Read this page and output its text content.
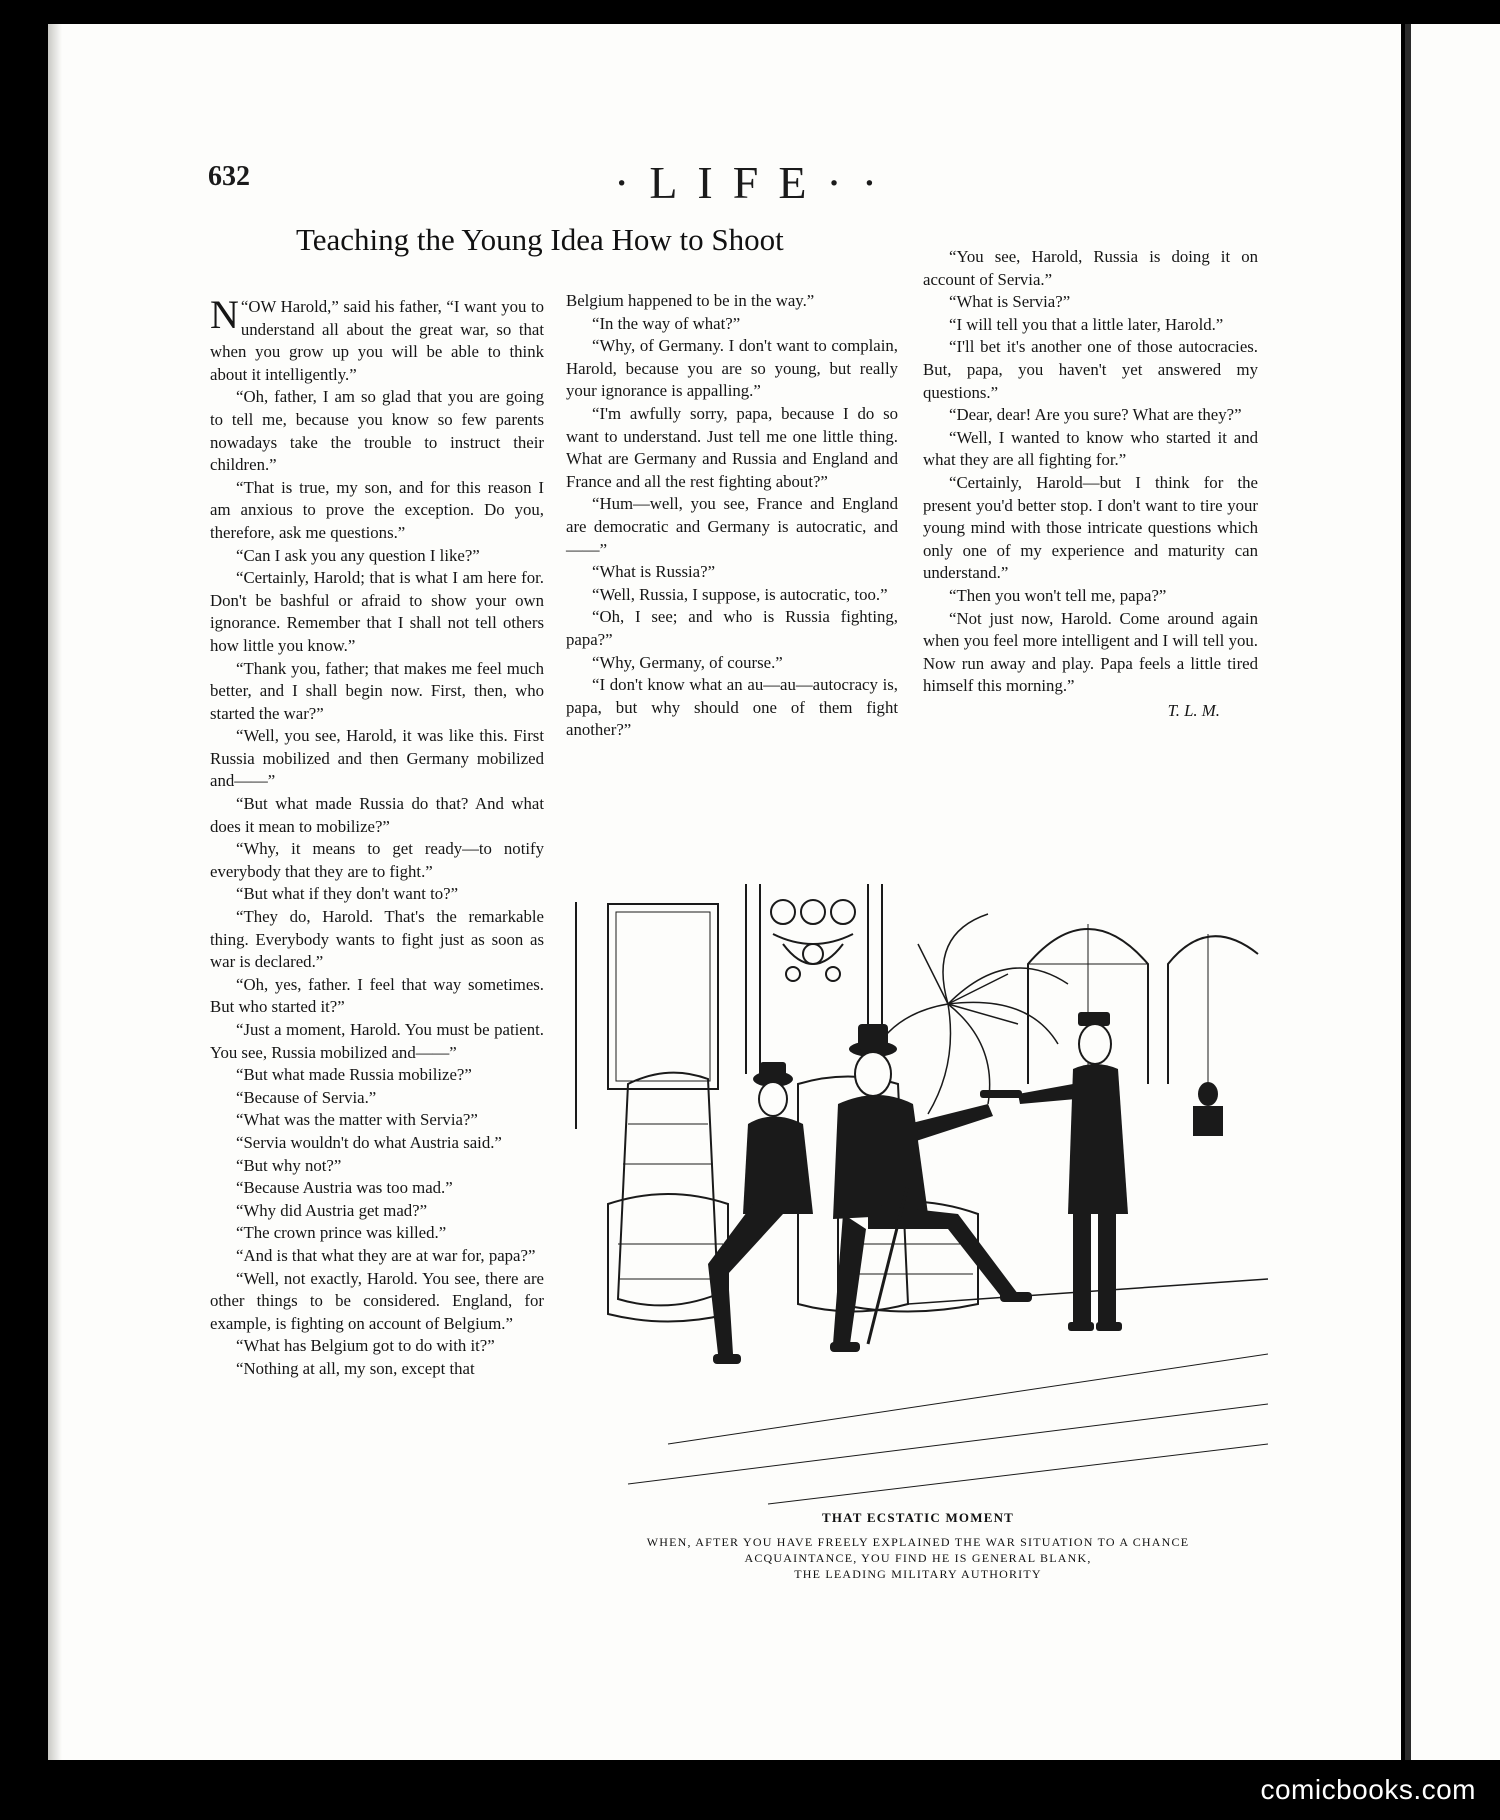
632	·LIFE··
Teaching the Young Idea How to Shoot

“
N OW Harold,” said his father, “I want you to understand all about the great war, so that when you grow up you will be able to think about it intelligently.”

“Oh, father, I am so glad that you are going to tell me, because you know so few parents nowadays take the trouble to instruct their children.”

“That is true, my son, and for this reason I am anxious to prove the exception. Do you, therefore, ask me questions.”

“Can I ask you any question I like?”

“Certainly, Harold; that is what I am here for. Don't be bashful or afraid to show your own ignorance. Remember that I shall not tell others how little you know.”

“Thank you, father; that makes me feel much better, and I shall begin now. First, then, who started the war?”

“Well, you see, Harold, it was like this. First Russia mobilized and then Germany mobilized and——”

“But what made Russia do that? And what does it mean to mobilize?”

“Why, it means to get ready—to notify everybody that they are to fight.”

“But what if they don't want to?”

“They do, Harold. That's the remarkable thing. Everybody wants to fight just as soon as war is declared.”

“Oh, yes, father. I feel that way sometimes. But who started it?”

“Just a moment, Harold. You must be patient. You see, Russia mobilized and——”

“But what made Russia mobilize?”

“Because of Servia.”

“What was the matter with Servia?”

“Servia wouldn't do what Austria said.”

“But why not?”

“Because Austria was too mad.”

“Why did Austria get mad?”

“The crown prince was killed.”

“And is that what they are at war for, papa?”

“Well, not exactly, Harold. You see, there are other things to be considered. England, for example, is fighting on account of Belgium.”

“What has Belgium got to do with it?”

“Nothing at all, my son, except that

Belgium happened to be in the way.”

“In the way of what?”

“Why, of Germany. I don't want to complain, Harold, because you are so young, but really your ignorance is appalling.”

“I'm awfully sorry, papa, because I do so want to understand. Just tell me one little thing. What are Germany and Russia and England and France and all the rest fighting about?”

“Hum—well, you see, France and England are democratic and Germany is autocratic, and——”

“What is Russia?”

“Well, Russia, I suppose, is autocratic, too.”

“Oh, I see; and who is Russia fighting, papa?”

“Why, Germany, of course.”

“I don't know what an au—au—autocracy is, papa, but why should one of them fight another?”

“You see, Harold, Russia is doing it on account of Servia.”

“What is Servia?”

“I will tell you that a little later, Harold.”

“I'll bet it's another one of those autocracies. But, papa, you haven't yet answered my questions.”

“Dear, dear! Are you sure? What are they?”

“Well, I wanted to know who started it and what they are all fighting for.”

“Certainly, Harold—but I think for the present you'd better stop. I don't want to tire your young mind with those intricate questions which only one of my experience and maturity can understand.”

“Then you won't tell me, papa?”

“Not just now, Harold. Come around again when you feel more intelligent and I will tell you. Now run away and play. Papa feels a little tired himself this morning.”

T. L. M.
THAT ECSTATIC MOMENT
WHEN, AFTER YOU HAVE FREELY EXPLAINED THE WAR SITUATION TO A CHANCE
ACQUAINTANCE, YOU FIND HE IS GENERAL BLANK,
THE LEADING MILITARY AUTHORITY
comicbooks.com
